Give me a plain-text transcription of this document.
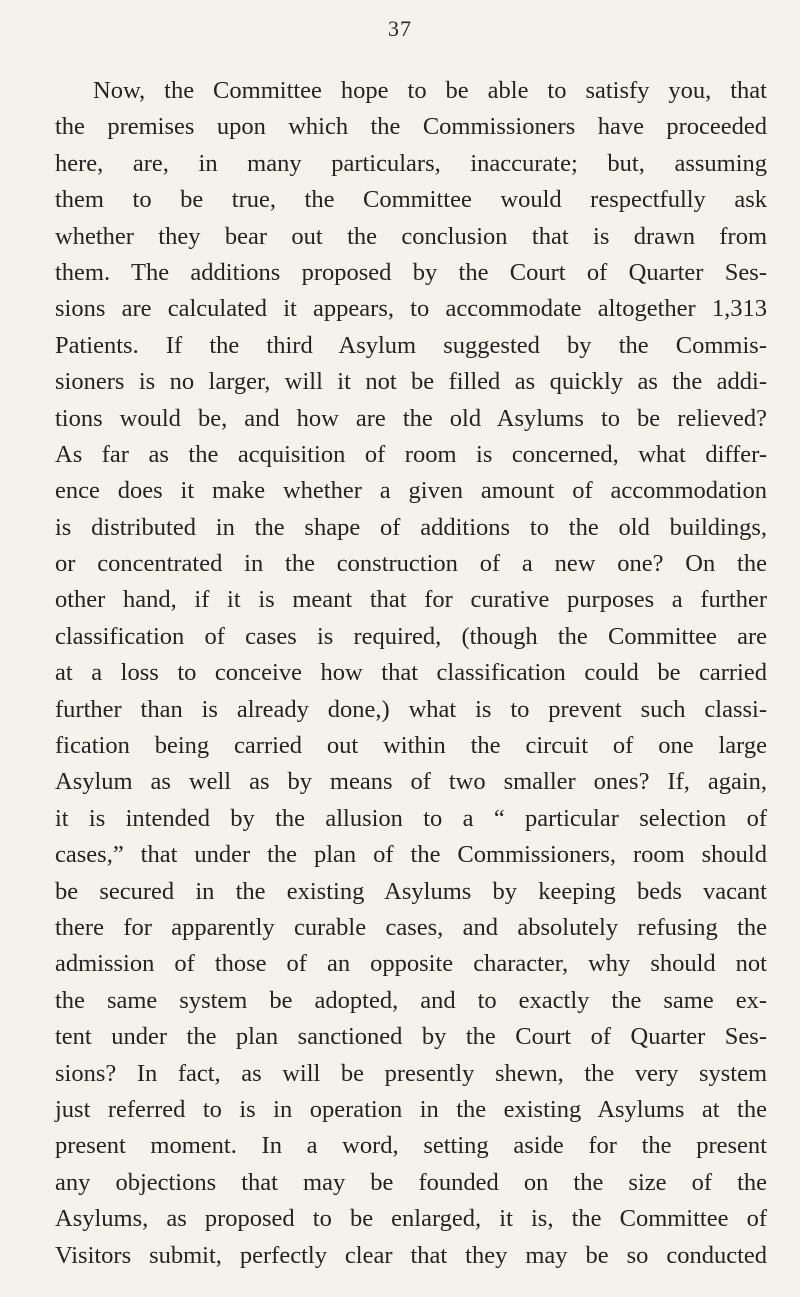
37
Now, the Committee hope to be able to satisfy you, that
the premises upon which the Commissioners have proceeded
here, are, in many particulars, inaccurate; but, assuming
them to be true, the Committee would respectfully ask
whether they bear out the conclusion that is drawn from
them. The additions proposed by the Court of Quarter Ses-
sions are calculated it appears, to accommodate altogether 1,313
Patients. If the third Asylum suggested by the Commis-
sioners is no larger, will it not be filled as quickly as the addi-
tions would be, and how are the old Asylums to be relieved?
As far as the acquisition of room is concerned, what differ-
ence does it make whether a given amount of accommodation
is distributed in the shape of additions to the old buildings,
or concentrated in the construction of a new one? On the
other hand, if it is meant that for curative purposes a further
classification of cases is required, (though the Committee are
at a loss to conceive how that classification could be carried
further than is already done,) what is to prevent such classi-
fication being carried out within the circuit of one large
Asylum as well as by means of two smaller ones? If, again,
it is intended by the allusion to a “ particular selection of
cases,” that under the plan of the Commissioners, room should
be secured in the existing Asylums by keeping beds vacant
there for apparently curable cases, and absolutely refusing the
admission of those of an opposite character, why should not
the same system be adopted, and to exactly the same ex-
tent under the plan sanctioned by the Court of Quarter Ses-
sions? In fact, as will be presently shewn, the very system
just referred to is in operation in the existing Asylums at the
present moment. In a word, setting aside for the present
any objections that may be founded on the size of the
Asylums, as proposed to be enlarged, it is, the Committee of
Visitors submit, perfectly clear that they may be so conducted
